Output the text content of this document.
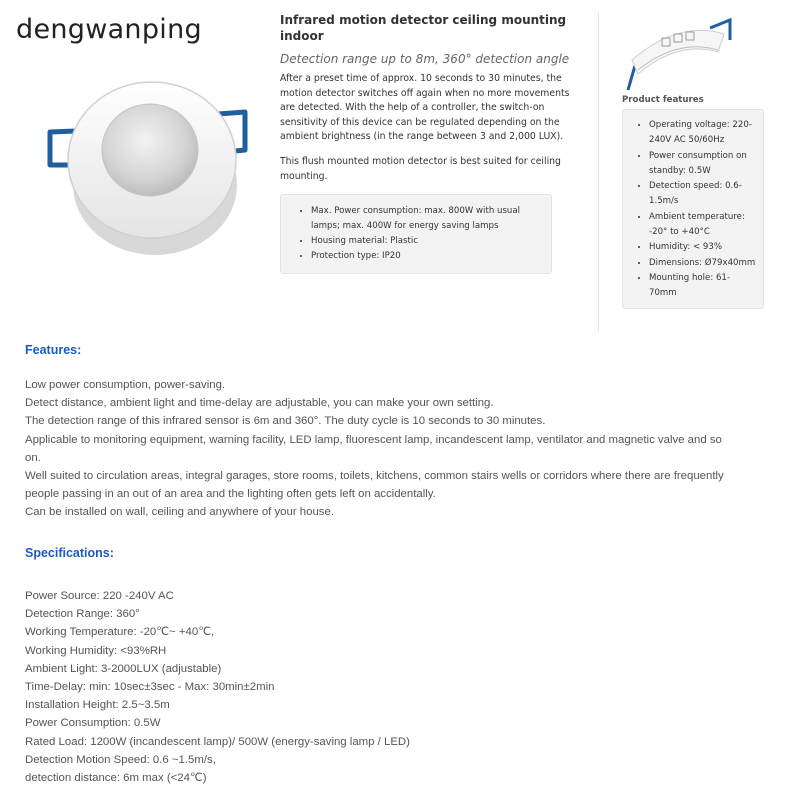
dengwanping	Infrared motion detector ceiling mounting indoor

Detection range up to 8m, 360° detection angle

After a preset time of approx. 10 seconds to 30 minutes, the motion detector switches off again when no more movements are detected. With the help of a controller, the switch-on sensitivity of this device can be regulated depending on the ambient brightness (in the range between 3 and 2,000 LUX).

This flush mounted motion detector is best suited for ceiling mounting.

• Max. Power consumption: max. 800W with usual lamps; max. 400W for energy saving lamps
• Housing material: Plastic
• Protection type: IP20
Product features
• Operating voltage: 220-240V AC 50/60Hz
• Power consumption on standby: 0.5W
• Detection speed: 0.6-1.5m/s
• Ambient temperature: -20° to +40°C
• Humidity: < 93%
• Dimensions: Ø79x40mm
• Mounting hole: 61-70mm
Features:
Low power consumption, power-saving.
Detect distance, ambient light and time-delay are adjustable, you can make your own setting.
The detection range of this infrared sensor is 6m and 360°. The duty cycle is 10 seconds to 30 minutes.
Applicable to monitoring equipment, warning facility, LED lamp, fluorescent lamp, incandescent lamp, ventilator and magnetic valve and so
on.
Well suited to circulation areas, integral garages, store rooms, toilets, kitchens, common stairs wells or corridors where there are frequently
people passing in an out of an area and the lighting often gets left on accidentally.
Can be installed on wall, ceiling and anywhere of your house.
Specifications:
Power Source: 220 -240V AC
Detection Range: 360°
Working Temperature: -20℃~ +40℃,
Working Humidity: <93%RH
Ambient Light: 3-2000LUX (adjustable)
Time-Delay: min: 10sec±3sec - Max: 30min±2min
Installation Height: 2.5~3.5m
Power Consumption: 0.5W
Rated Load: 1200W (incandescent lamp)/ 500W (energy-saving lamp / LED)
Detection Motion Speed: 0.6 ~1.5m/s,
detection distance: 6m max (<24℃)
